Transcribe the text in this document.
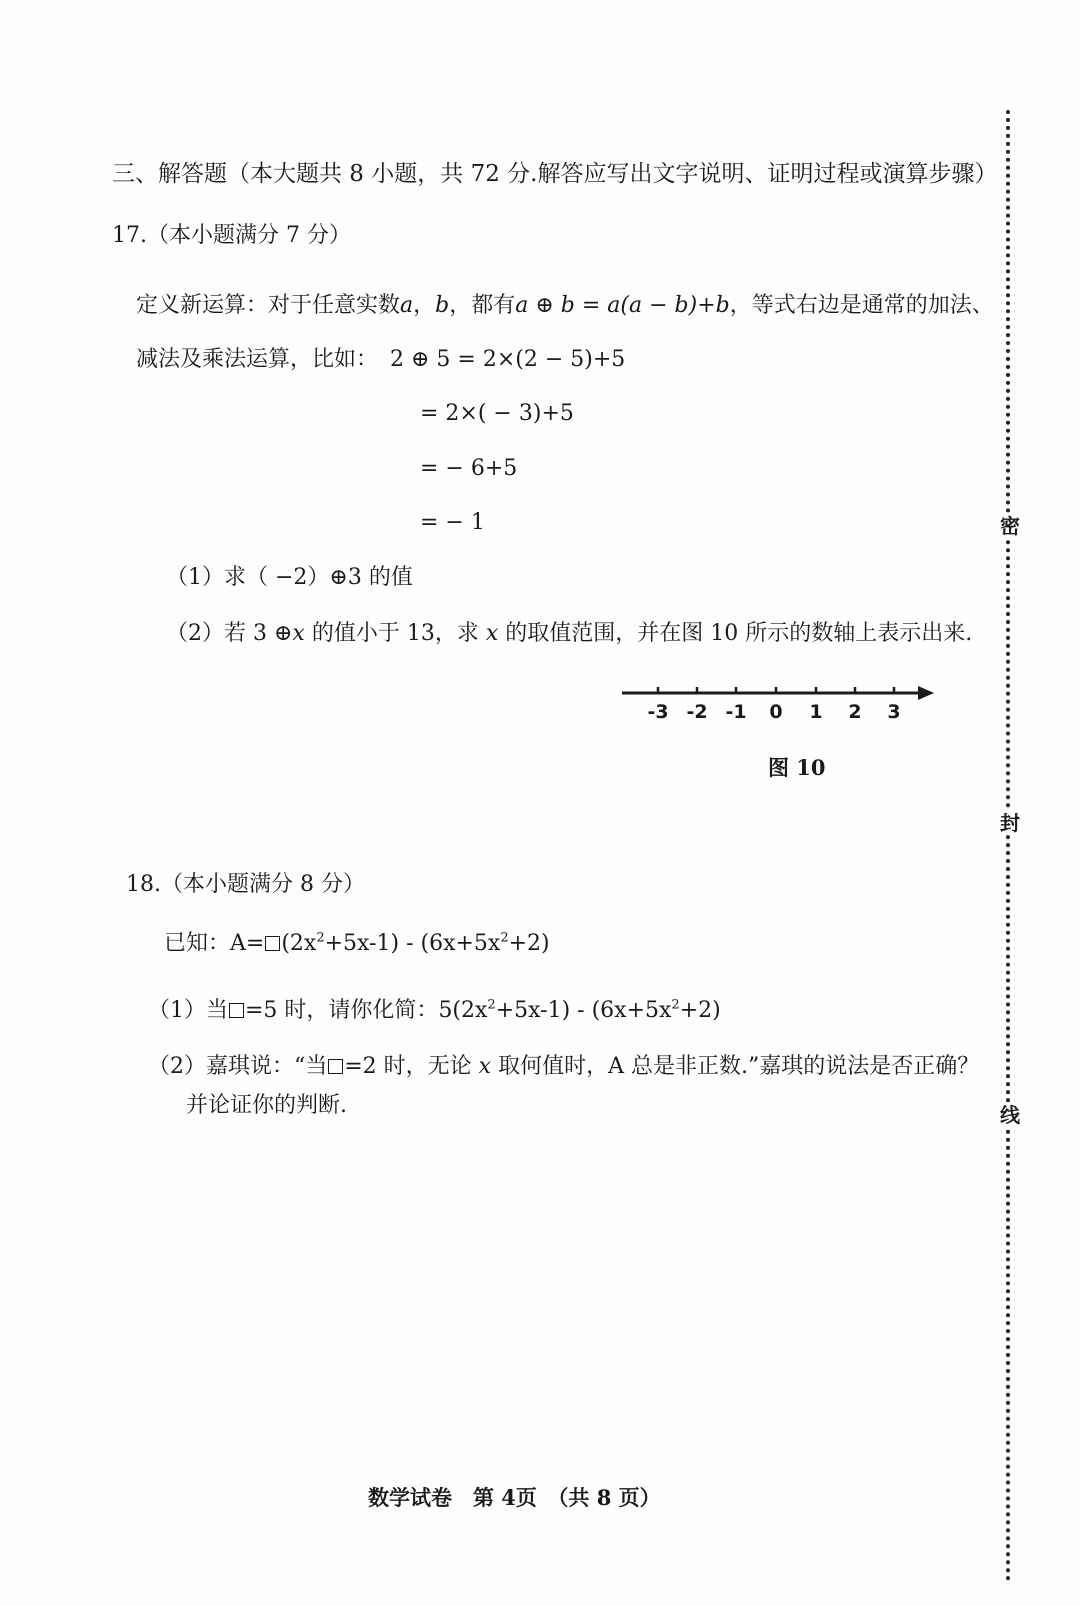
密
封
线
三、解答题（本大题共 8 小题，共 72 分.解答应写出文字说明、证明过程或演算步骤）
17.（本小题满分 7 分）
定义新运算：对于任意实数a，b，都有a ⊕ b = a(a − b)+b，等式右边是通常的加法、
减法及乘法运算，比如： 2 ⊕ 5 = 2×(2 − 5)+5
= 2×( − 3)+5
= − 6+5
= − 1
（1）求（ −2）⊕3 的值
（2）若 3 ⊕x 的值小于 13，求 x 的取值范围，并在图 10 所示的数轴上表示出来.
-3 -2 -1 0 1 2 3
图 10
18.（本小题满分 8 分）
已知：$A= (2x^2+5x-1) - (6x+5x^2+2)$
（1）当 =5 时，请你化简：$5(2x^2+5x-1) - (6x+5x^2+2)$
（2）嘉琪说：“当 =2 时，无论 x 取何值时，A 总是非正数.”嘉琪的说法是否正确？
并论证你的判断.
数学试卷　第 4页　（共 8 页）
